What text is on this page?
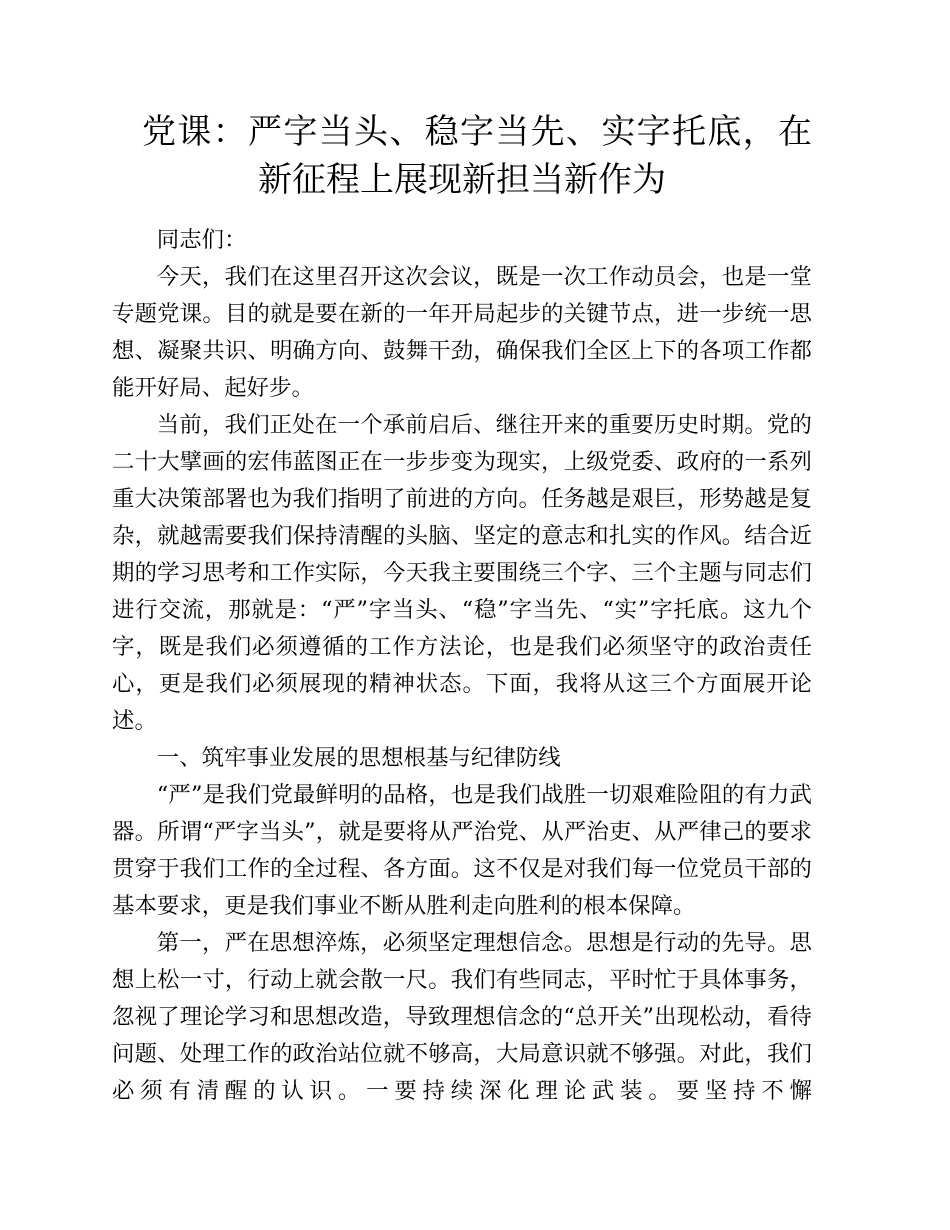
党课：严字当头、稳字当先、实字托底，在
新征程上展现新担当新作为

同志们：

今天，我们在这里召开这次会议，既是一次工作动员会，也是一堂专题党课。目的就是要在新的一年开局起步的关键节点，进一步统一思想、凝聚共识、明确方向、鼓舞干劲，确保我们全区上下的各项工作都能开好局、起好步。

当前，我们正处在一个承前启后、继往开来的重要历史时期。党的二十大擘画的宏伟蓝图正在一步步变为现实，上级党委、政府的一系列重大决策部署也为我们指明了前进的方向。任务越是艰巨，形势越是复杂，就越需要我们保持清醒的头脑、坚定的意志和扎实的作风。结合近期的学习思考和工作实际，今天我主要围绕三个字、三个主题与同志们进行交流，那就是：“严”字当头、“稳”字当先、“实”字托底。这九个字，既是我们必须遵循的工作方法论，也是我们必须坚守的政治责任心，更是我们必须展现的精神状态。下面，我将从这三个方面展开论述。

一、筑牢事业发展的思想根基与纪律防线

“严”是我们党最鲜明的品格，也是我们战胜一切艰难险阻的有力武器。所谓“严字当头”，就是要将从严治党、从严治吏、从严律己的要求贯穿于我们工作的全过程、各方面。这不仅是对我们每一位党员干部的基本要求，更是我们事业不断从胜利走向胜利的根本保障。

第一，严在思想淬炼，必须坚定理想信念。思想是行动的先导。思想上松一寸，行动上就会散一尺。我们有些同志，平时忙于具体事务，忽视了理论学习和思想改造，导致理想信念的“总开关”出现松动，看待问题、处理工作的政治站位就不够高，大局意识就不够强。对此，我们必须有清醒的认识。一要持续深化理论武装。要坚持不懈
